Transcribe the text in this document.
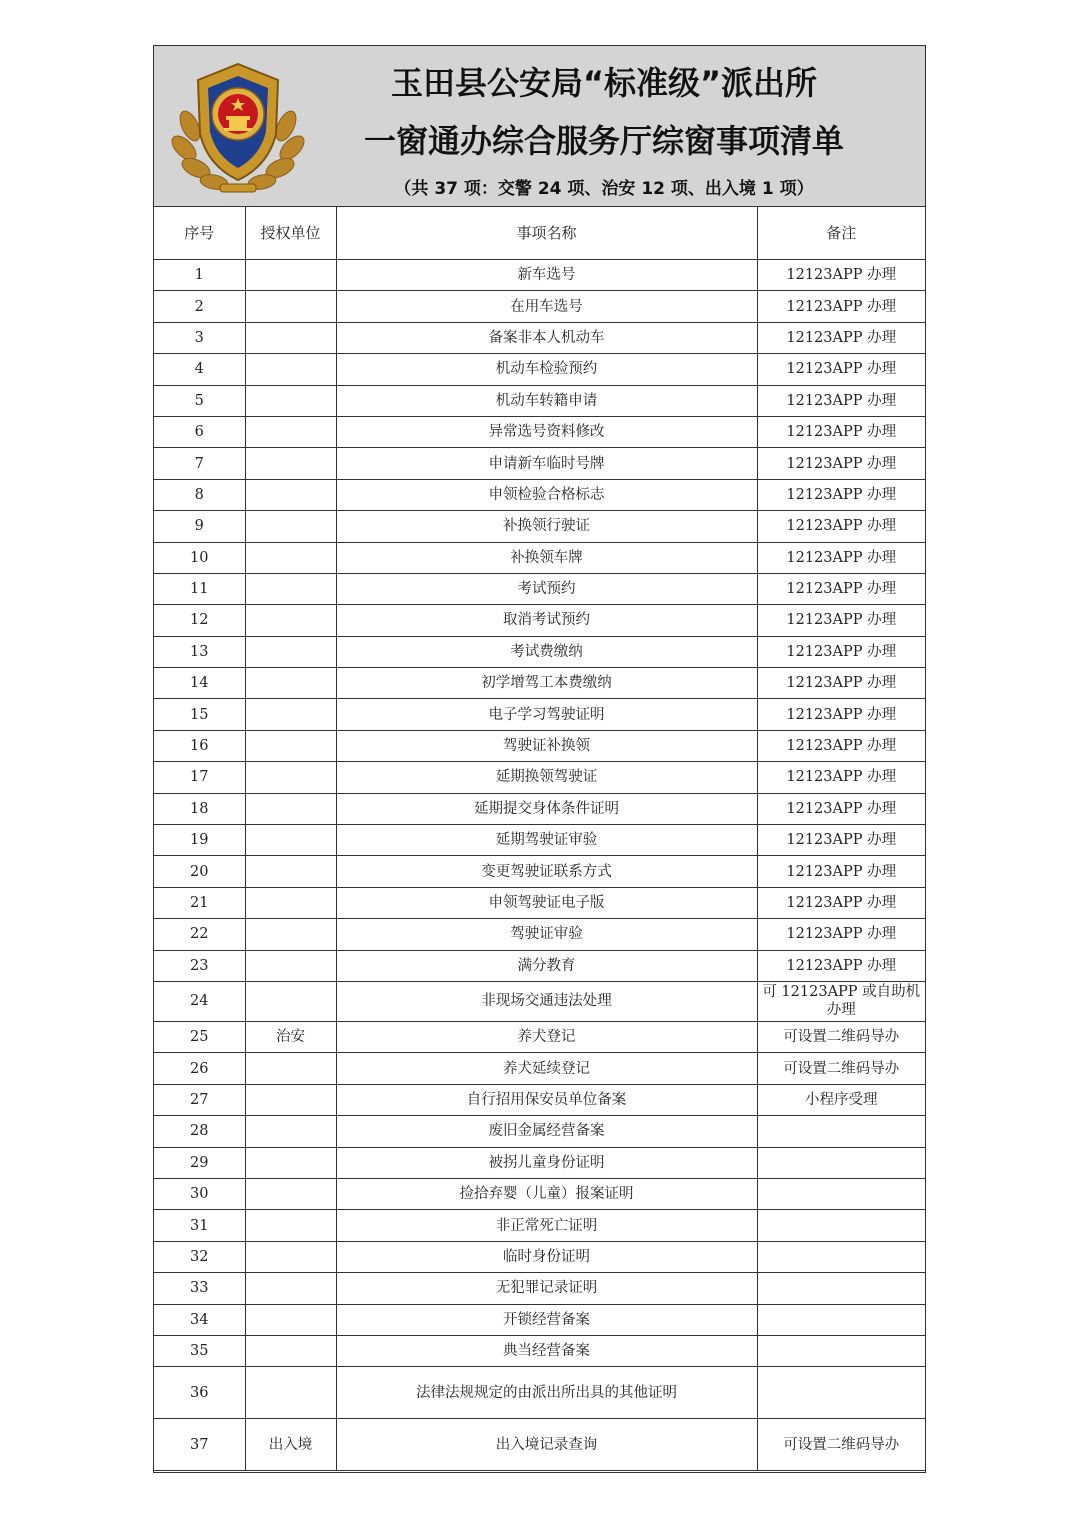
玉田县公安局“标准级”派出所
一窗通办综合服务厅综窗事项清单
（共 37 项：交警 24 项、治安 12 项、出入境 1 项）
序号	授权单位	事项名称	备注
1		新车选号	12123APP 办理
2		在用车选号	12123APP 办理
3		备案非本人机动车	12123APP 办理
4		机动车检验预约	12123APP 办理
5		机动车转籍申请	12123APP 办理
6		异常选号资料修改	12123APP 办理
7		申请新车临时号牌	12123APP 办理
8		申领检验合格标志	12123APP 办理
9		补换领行驶证	12123APP 办理
10		补换领车牌	12123APP 办理
11		考试预约	12123APP 办理
12		取消考试预约	12123APP 办理
13		考试费缴纳	12123APP 办理
14		初学增驾工本费缴纳	12123APP 办理
15		电子学习驾驶证明	12123APP 办理
16		驾驶证补换领	12123APP 办理
17		延期换领驾驶证	12123APP 办理
18		延期提交身体条件证明	12123APP 办理
19		延期驾驶证审验	12123APP 办理
20		变更驾驶证联系方式	12123APP 办理
21		申领驾驶证电子版	12123APP 办理
22		驾驶证审验	12123APP 办理
23		满分教育	12123APP 办理
24		非现场交通违法处理	可 12123APP 或自助机办理
25	治安	养犬登记	可设置二维码导办
26		养犬延续登记	可设置二维码导办
27		自行招用保安员单位备案	小程序受理
28		废旧金属经营备案	
29		被拐儿童身份证明	
30		捡拾弃婴（儿童）报案证明	
31		非正常死亡证明	
32		临时身份证明	
33		无犯罪记录证明	
34		开锁经营备案	
35		典当经营备案	
36		法律法规规定的由派出所出具的其他证明	
37	出入境	出入境记录查询	可设置二维码导办
